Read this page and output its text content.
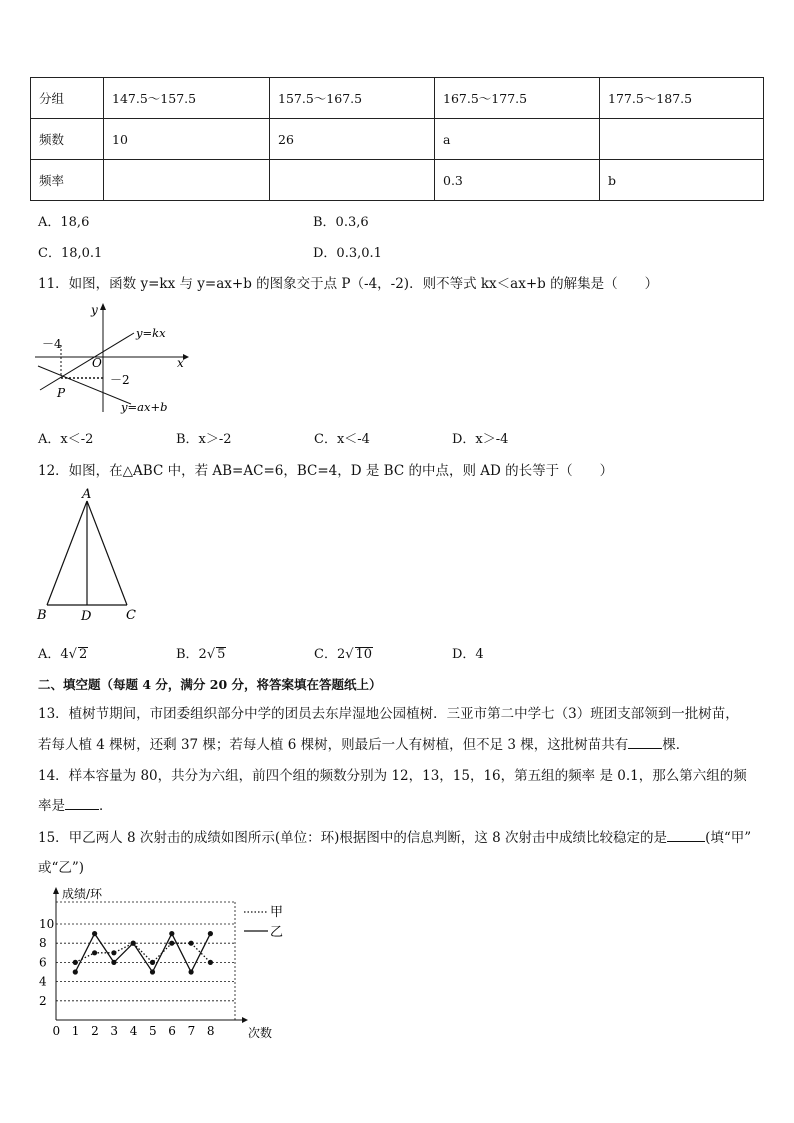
分组	147.5～157.5	157.5～167.5	167.5～177.5	177.5～187.5
频数	10	26	a	
频率			0.3	b
A．18,6	B．0.3,6
C．18,0.1	D．0.3,0.1
11．如图，函数 y=kx 与 y=ax+b 的图象交于点 P（-4，-2)．则不等式 kx＜ax+b 的解集是（　　）
y
x
O
P
－4
－2
y=kx
y=ax+b
A．x＜-2	B．x＞-2	C．x＜-4	D．x＞-4
12．如图，在△ABC 中，若 AB=AC=6，BC=4，D 是 BC 的中点，则 AD 的长等于（　　）
A
B	C
D
A．4√ 2	B．2√ 5	C．2√ 10	D．4
二、填空题（每题 4 分，满分 20 分，将答案填在答题纸上）
13．植树节期间，市团委组织部分中学的团员去东岸湿地公园植树．三亚市第二中学七（3）班团支部领到一批树苗，
若每人植 4 棵树，还剩 37 棵；若每人植 6 棵树，则最后一人有树植，但不足 3 棵，这批树苗共有	棵．
14．样本容量为 80，共分为六组，前四个组的频数分别为 12，13，15，16，第五组的频率 是 0.1，那么第六组的频
率是	．
15．甲乙两人 8 次射击的成绩如图所示(单位：环)根据图中的信息判断，这 8 次射击中成绩比较稳定的是	(填“甲”
或“乙”)
2
4
6
8
10
0 1 2 3 4 5 6 7 8
成绩/环
次数
甲
乙
